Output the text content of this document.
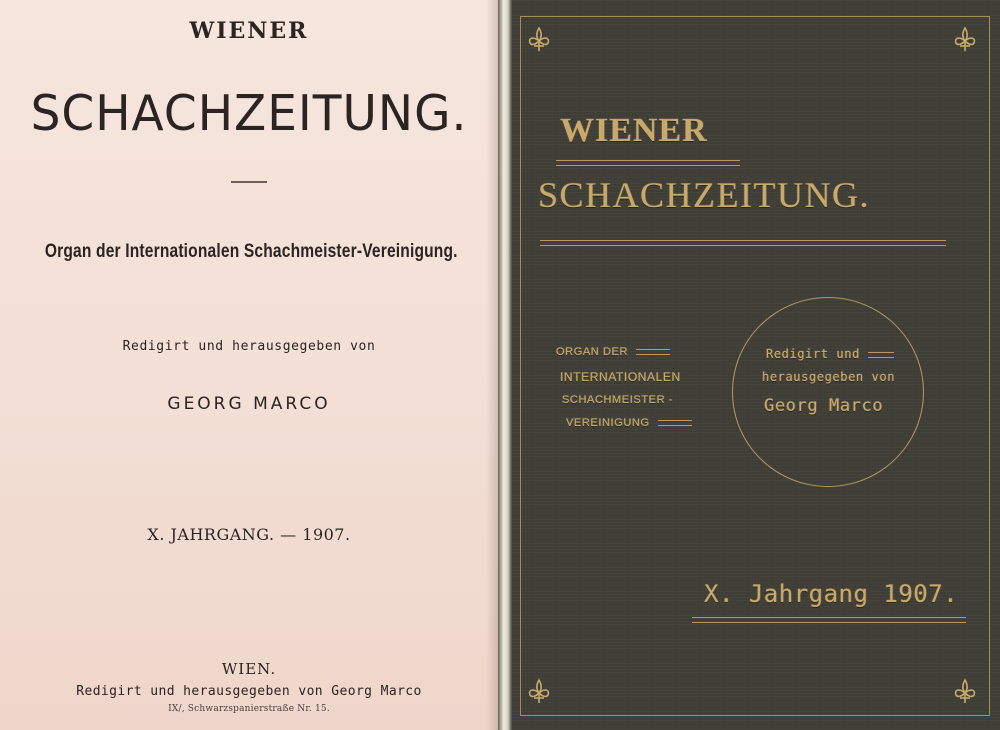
WIENER
SCHACHZEITUNG.
Organ der Internationalen Schachmeister-Vereinigung.
Redigirt und herausgegeben von
GEORG MARCO
X. JAHRGANG. — 1907.
WIEN.
Redigirt und herausgegeben von Georg Marco
IX/, Schwarzspanierstraße Nr. 15.
WIENER
SCHACHZEITUNG.
ORGAN DER
INTERNATIONALEN
SCHACHMEISTER -
VEREINIGUNG
Redigirt und
herausgegeben von
Georg Marco
X. Jahrgang 1907.
